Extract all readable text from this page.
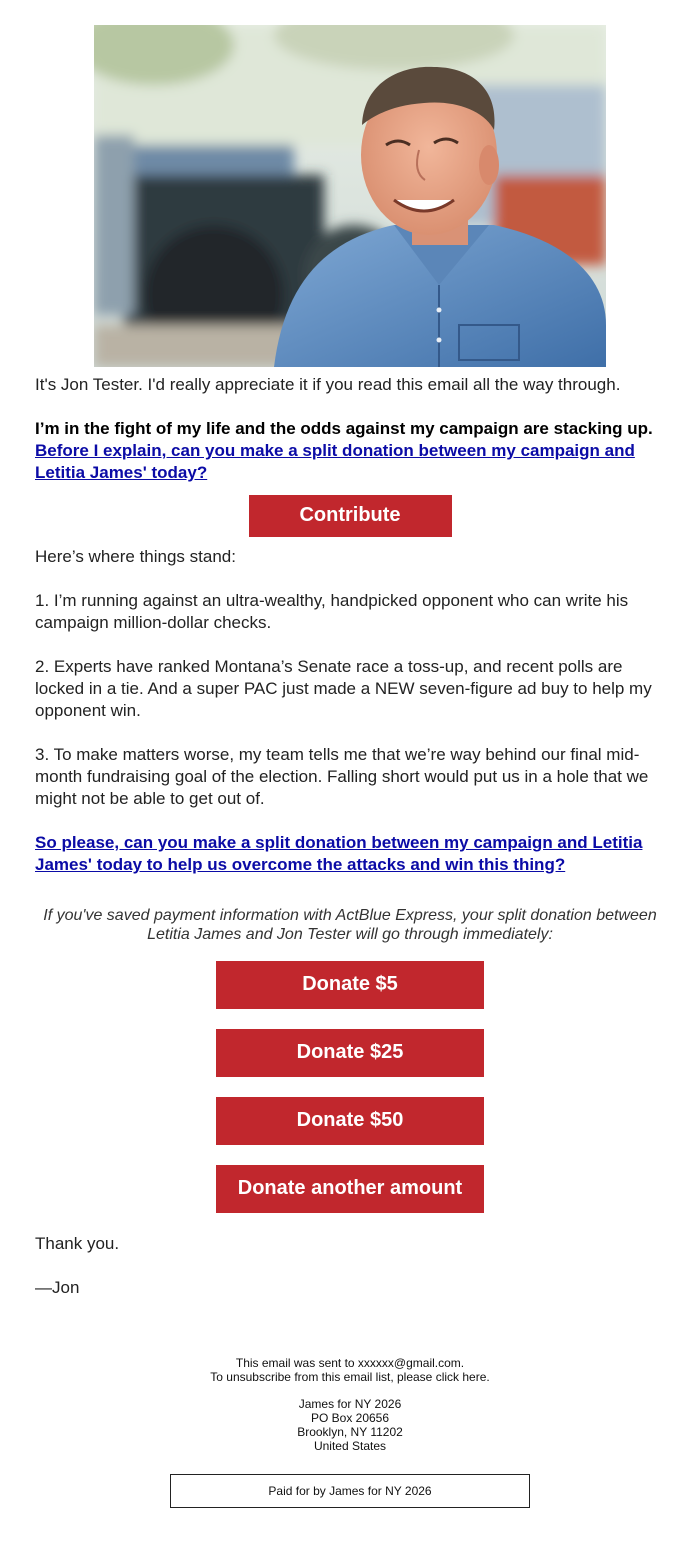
It's Jon Tester. I'd really appreciate it if you read this email all the way through.

I’m in the fight of my life and the odds against my campaign are stacking up. Before I explain, can you make a split donation between my campaign and Letitia James' today?

Contribute

Here’s where things stand:

1. I’m running against an ultra-wealthy, handpicked opponent who can write his campaign million-dollar checks.

2. Experts have ranked Montana’s Senate race a toss-up, and recent polls are locked in a tie. And a super PAC just made a NEW seven-figure ad buy to help my opponent win.

3. To make matters worse, my team tells me that we’re way behind our final mid-month fundraising goal of the election. Falling short would put us in a hole that we might not be able to get out of.

So please, can you make a split donation between my campaign and Letitia James' today to help us overcome the attacks and win this thing?

If you've saved payment information with ActBlue Express, your split donation between Letitia James and Jon Tester will go through immediately:

Donate $5
Donate $25
Donate $50
Donate another amount
Thank you.
—Jon
This email was sent to xxxxxx@gmail.com.
To unsubscribe from this email list, please click here.
James for NY 2026
PO Box 20656
Brooklyn, NY 11202
United States
Paid for by James for NY 2026
